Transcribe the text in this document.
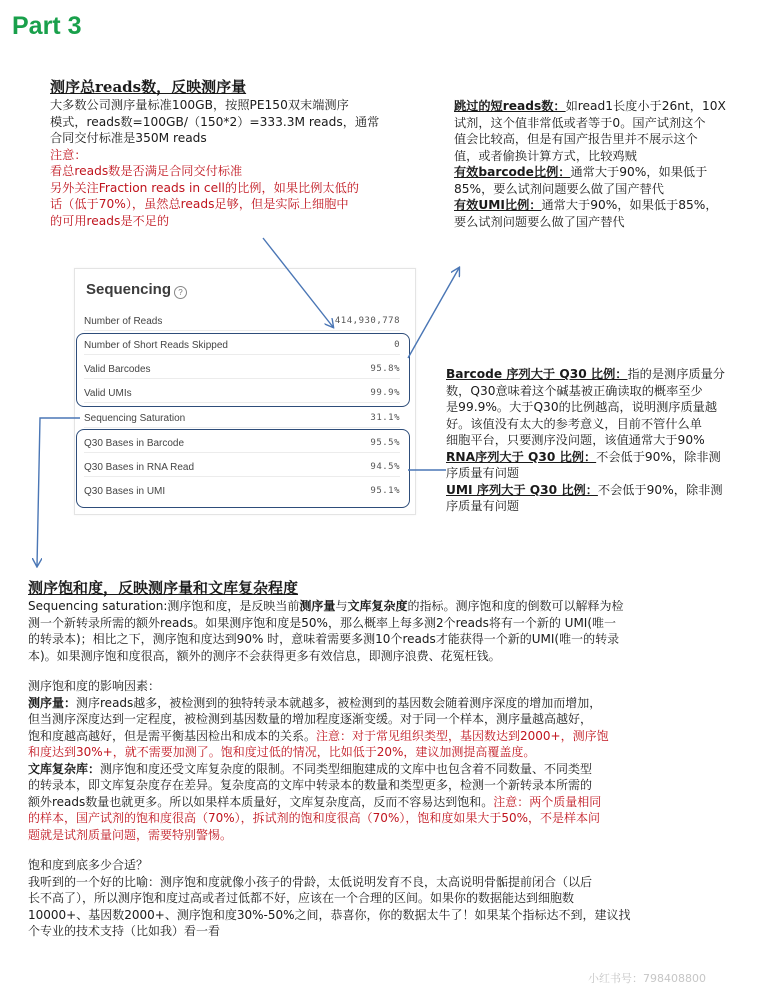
Part 3
测序总reads数，反映测序量
大多数公司测序量标准100GB，按照PE150双末端测序
模式，reads数=100GB/（150*2）=333.3M reads，通常
合同交付标准是350M reads
注意：
看总reads数是否满足合同交付标准
另外关注Fraction reads in cell的比例，如果比例太低的
话（低于70%），虽然总reads足够，但是实际上细胞中
的可用reads是不足的
跳过的短reads数：如read1长度小于26nt，10X
试剂，这个值非常低或者等于0。国产试剂这个
值会比较高，但是有国产报告里并不展示这个
值，或者偷换计算方式，比较鸡贼
有效barcode比例：通常大于90%，如果低于
85%，要么试剂问题要么做了国产替代
有效UMI比例：通常大于90%，如果低于85%，
要么试剂问题要么做了国产替代
Sequencing ?
Number of Reads	414,930,778
Number of Short Reads Skipped	0
Valid Barcodes	95.8%
Valid UMIs	99.9%
Sequencing Saturation	31.1%
Q30 Bases in Barcode	95.5%
Q30 Bases in RNA Read	94.5%
Q30 Bases in UMI	95.1%
Barcode 序列大于 Q30 比例：指的是测序质量分
数，Q30意味着这个碱基被正确读取的概率至少
是99.9%。大于Q30的比例越高，说明测序质量越
好。该值没有太大的参考意义，目前不管什么单
细胞平台，只要测序没问题，该值通常大于90%
RNA序列大于 Q30 比例：不会低于90%，除非测
序质量有问题
UMI 序列大于 Q30 比例：不会低于90%，除非测
序质量有问题
测序饱和度，反映测序量和文库复杂程度
Sequencing saturation:测序饱和度，是反映当前测序量与文库复杂度的指标。测序饱和度的倒数可以解释为检
测一个新转录所需的额外reads。如果测序饱和度是50%，那么概率上每多测2个reads将有一个新的 UMI(唯一
的转录本)；相比之下，测序饱和度达到90% 时，意味着需要多测10个reads才能获得一个新的UMI(唯一的转录
本)。如果测序饱和度很高，额外的测序不会获得更多有效信息，即测序浪费、花冤枉钱。
测序饱和度的影响因素：
测序量：测序reads越多，被检测到的独特转录本就越多，被检测到的基因数会随着测序深度的增加而增加，
但当测序深度达到一定程度，被检测到基因数量的增加程度逐渐变缓。对于同一个样本，测序量越高越好，
饱和度越高越好，但是需平衡基因检出和成本的关系。注意：对于常见组织类型，基因数达到2000+，测序饱
和度达到30%+，就不需要加测了。饱和度过低的情况，比如低于20%，建议加测提高覆盖度。
文库复杂库：测序饱和度还受文库复杂度的限制。不同类型细胞建成的文库中也包含着不同数量、不同类型
的转录本，即文库复杂度存在差异。复杂度高的文库中转录本的数量和类型更多，检测一个新转录本所需的
额外reads数量也就更多。所以如果样本质量好，文库复杂度高，反而不容易达到饱和。注意：两个质量相同
的样本，国产试剂的饱和度很高（70%），拆试剂的饱和度很高（70%），饱和度如果大于50%，不是样本问
题就是试剂质量问题，需要特别警惕。
饱和度到底多少合适？
我听到的一个好的比喻：测序饱和度就像小孩子的骨龄，太低说明发育不良，太高说明骨骺提前闭合（以后
长不高了），所以测序饱和度过高或者过低都不好，应该在一个合理的区间。如果你的数据能达到细胞数
10000+、基因数2000+、测序饱和度30%-50%之间，恭喜你，你的数据太牛了！如果某个指标达不到，建议找
个专业的技术支持（比如我）看一看
小红书号：798408800
